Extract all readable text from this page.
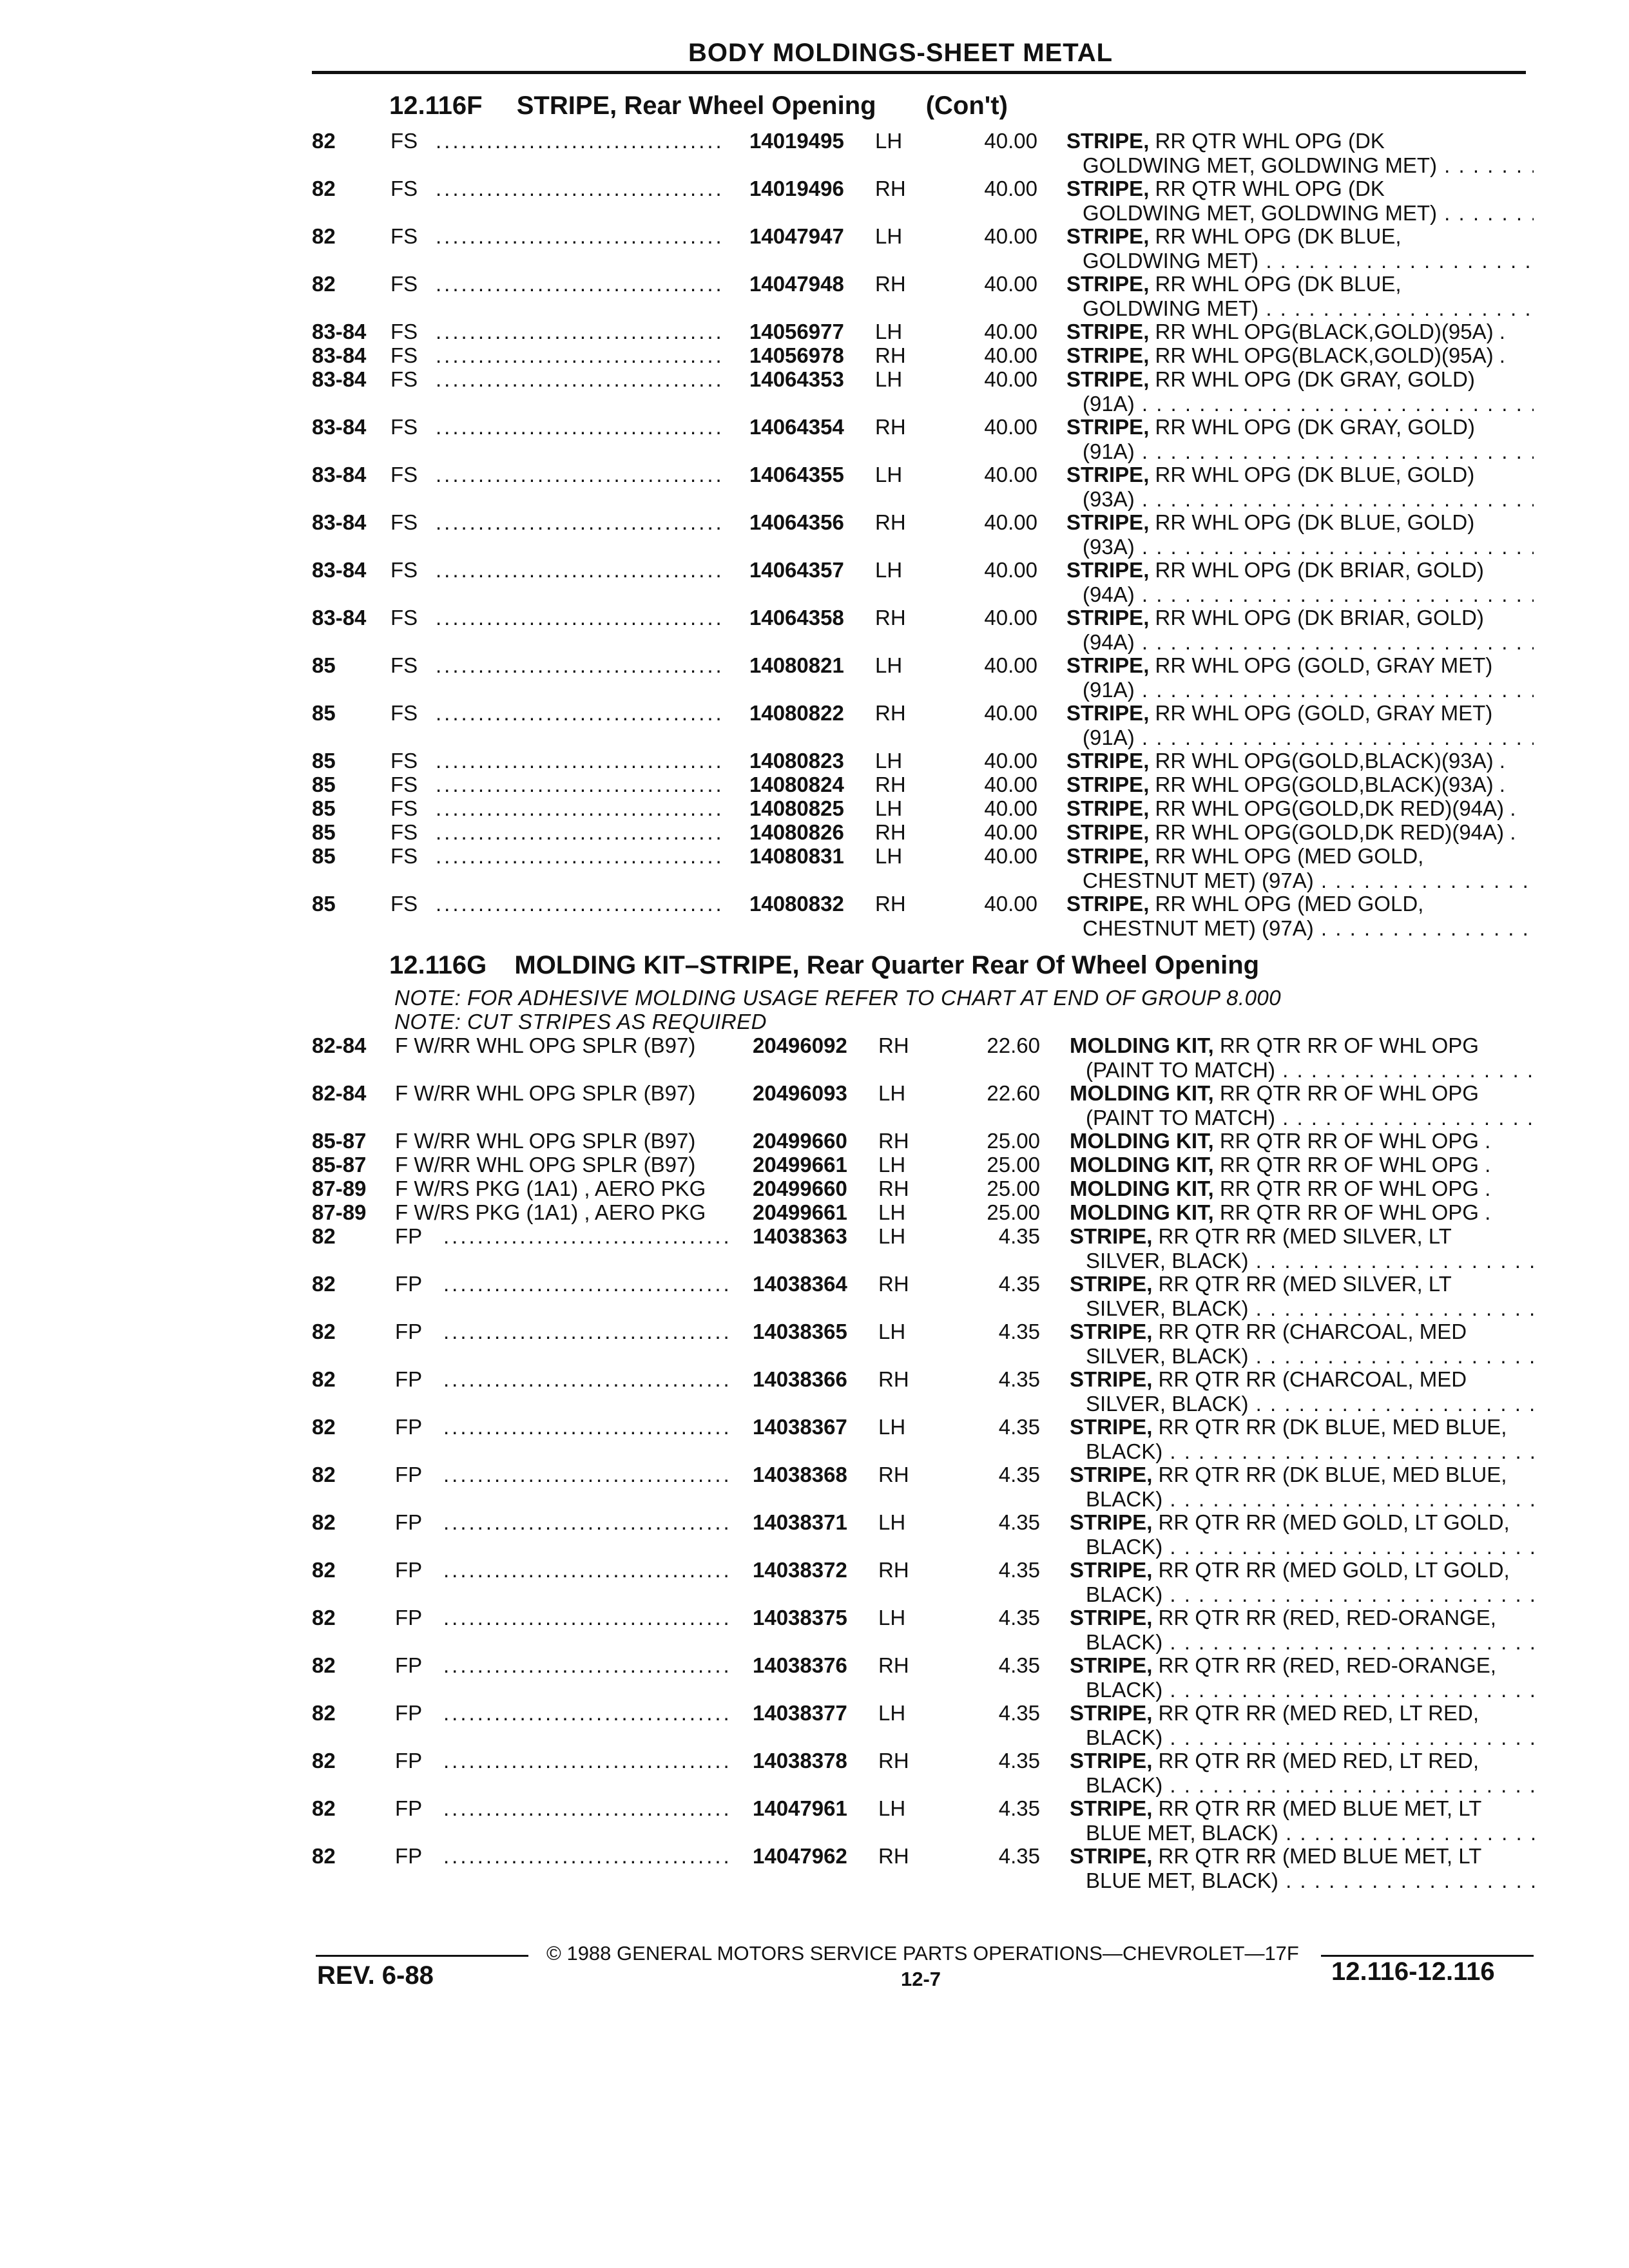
BODY MOLDINGS-SHEET METAL
12.116F STRIPE, Rear Wheel Opening (Con't)
82	FS .....	14019495 LH	40.00 STRIPE, RR QTR WHL OPG (DK
GOLDWING MET, GOLDWING MET) . . .
82	FS .....	14019496 RH	40.00 STRIPE, RR QTR WHL OPG (DK
GOLDWING MET, GOLDWING MET) . . .
82	FS .....	14047947 LH	40.00 STRIPE, RR WHL OPG (DK BLUE,
GOLDWING MET) . . .
82	FS .....	14047948 RH	40.00 STRIPE, RR WHL OPG (DK BLUE,
GOLDWING MET) . . .
83-84 FS .....	14056977 LH	40.00 STRIPE, RR WHL OPG(BLACK,GOLD)(95A) .
83-84 FS .....	14056978 RH	40.00 STRIPE, RR WHL OPG(BLACK,GOLD)(95A) .
83-84 FS .....	14064353 LH	40.00 STRIPE, RR WHL OPG (DK GRAY, GOLD)
(91A) . . .
83-84 FS .....	14064354 RH	40.00 STRIPE, RR WHL OPG (DK GRAY, GOLD)
(91A) . . .
83-84 FS .....	14064355 LH	40.00 STRIPE, RR WHL OPG (DK BLUE, GOLD)
(93A) . . .
83-84 FS .....	14064356 RH	40.00 STRIPE, RR WHL OPG (DK BLUE, GOLD)
(93A) . . .
83-84 FS .....	14064357 LH	40.00 STRIPE, RR WHL OPG (DK BRIAR, GOLD)
(94A) . . .
83-84 FS .....	14064358 RH	40.00 STRIPE, RR WHL OPG (DK BRIAR, GOLD)
(94A) . . .
85	FS .....	14080821 LH	40.00 STRIPE, RR WHL OPG (GOLD, GRAY MET)
(91A) . . .
85	FS .....	14080822 RH	40.00 STRIPE, RR WHL OPG (GOLD, GRAY MET)
(91A) . . .
85	FS .....	14080823 LH	40.00 STRIPE, RR WHL OPG(GOLD,BLACK)(93A) .
85	FS .....	14080824 RH	40.00 STRIPE, RR WHL OPG(GOLD,BLACK)(93A) .
85	FS .....	14080825 LH	40.00 STRIPE, RR WHL OPG(GOLD,DK RED)(94A) .
85	FS .....	14080826 RH	40.00 STRIPE, RR WHL OPG(GOLD,DK RED)(94A) .
85	FS .....	14080831 LH	40.00 STRIPE, RR WHL OPG (MED GOLD,
CHESTNUT MET) (97A) . . .
85	FS .....	14080832 RH	40.00 STRIPE, RR WHL OPG (MED GOLD,
CHESTNUT MET) (97A) . . .
12.116G MOLDING KIT–STRIPE, Rear Quarter Rear Of Wheel Opening
NOTE: FOR ADHESIVE MOLDING USAGE REFER TO CHART AT END OF GROUP 8.000
NOTE: CUT STRIPES AS REQUIRED
82-84 F W/RR WHL OPG SPLR (B97)	20496092 RH	22.60 MOLDING KIT, RR QTR RR OF WHL OPG
(PAINT TO MATCH) . . .
82-84 F W/RR WHL OPG SPLR (B97)	20496093 LH	22.60 MOLDING KIT, RR QTR RR OF WHL OPG
(PAINT TO MATCH) . . .
85-87 F W/RR WHL OPG SPLR (B97)	20499660 RH	25.00 MOLDING KIT, RR QTR RR OF WHL OPG .
85-87 F W/RR WHL OPG SPLR (B97)	20499661 LH	25.00 MOLDING KIT, RR QTR RR OF WHL OPG .
87-89 F W/RS PKG (1A1) , AERO PKG 20499660 RH	25.00 MOLDING KIT, RR QTR RR OF WHL OPG .
87-89 F W/RS PKG (1A1) , AERO PKG 20499661 LH	25.00 MOLDING KIT, RR QTR RR OF WHL OPG .
82	FP .....	14038363 LH	4.35 STRIPE, RR QTR RR (MED SILVER, LT
SILVER, BLACK) . . .
82	FP .....	14038364 RH	4.35 STRIPE, RR QTR RR (MED SILVER, LT
SILVER, BLACK) . . .
82	FP .....	14038365 LH	4.35 STRIPE, RR QTR RR (CHARCOAL, MED
SILVER, BLACK) . . .
82	FP .....	14038366 RH	4.35 STRIPE, RR QTR RR (CHARCOAL, MED
SILVER, BLACK) . . .
82	FP .....	14038367 LH	4.35 STRIPE, RR QTR RR (DK BLUE, MED BLUE,
BLACK) . . .
82	FP .....	14038368 RH	4.35 STRIPE, RR QTR RR (DK BLUE, MED BLUE,
BLACK) . . .
82	FP .....	14038371 LH	4.35 STRIPE, RR QTR RR (MED GOLD, LT GOLD,
BLACK) . . .
82	FP .....	14038372 RH	4.35 STRIPE, RR QTR RR (MED GOLD, LT GOLD,
BLACK) . . .
82	FP .....	14038375 LH	4.35 STRIPE, RR QTR RR (RED, RED-ORANGE,
BLACK) . . .
82	FP .....	14038376 RH	4.35 STRIPE, RR QTR RR (RED, RED-ORANGE,
BLACK) . . .
82	FP .....	14038377 LH	4.35 STRIPE, RR QTR RR (MED RED, LT RED,
BLACK) . . .
82	FP .....	14038378 RH	4.35 STRIPE, RR QTR RR (MED RED, LT RED,
BLACK) . . .
82	FP .....	14047961 LH	4.35 STRIPE, RR QTR RR (MED BLUE MET, LT
BLUE MET, BLACK) . . .
82	FP .....	14047962 RH	4.35 STRIPE, RR QTR RR (MED BLUE MET, LT
BLUE MET, BLACK) . . .
© 1988 GENERAL MOTORS SERVICE PARTS OPERATIONS—CHEVROLET—17F
REV. 6-88	12-7	12.116-12.116
